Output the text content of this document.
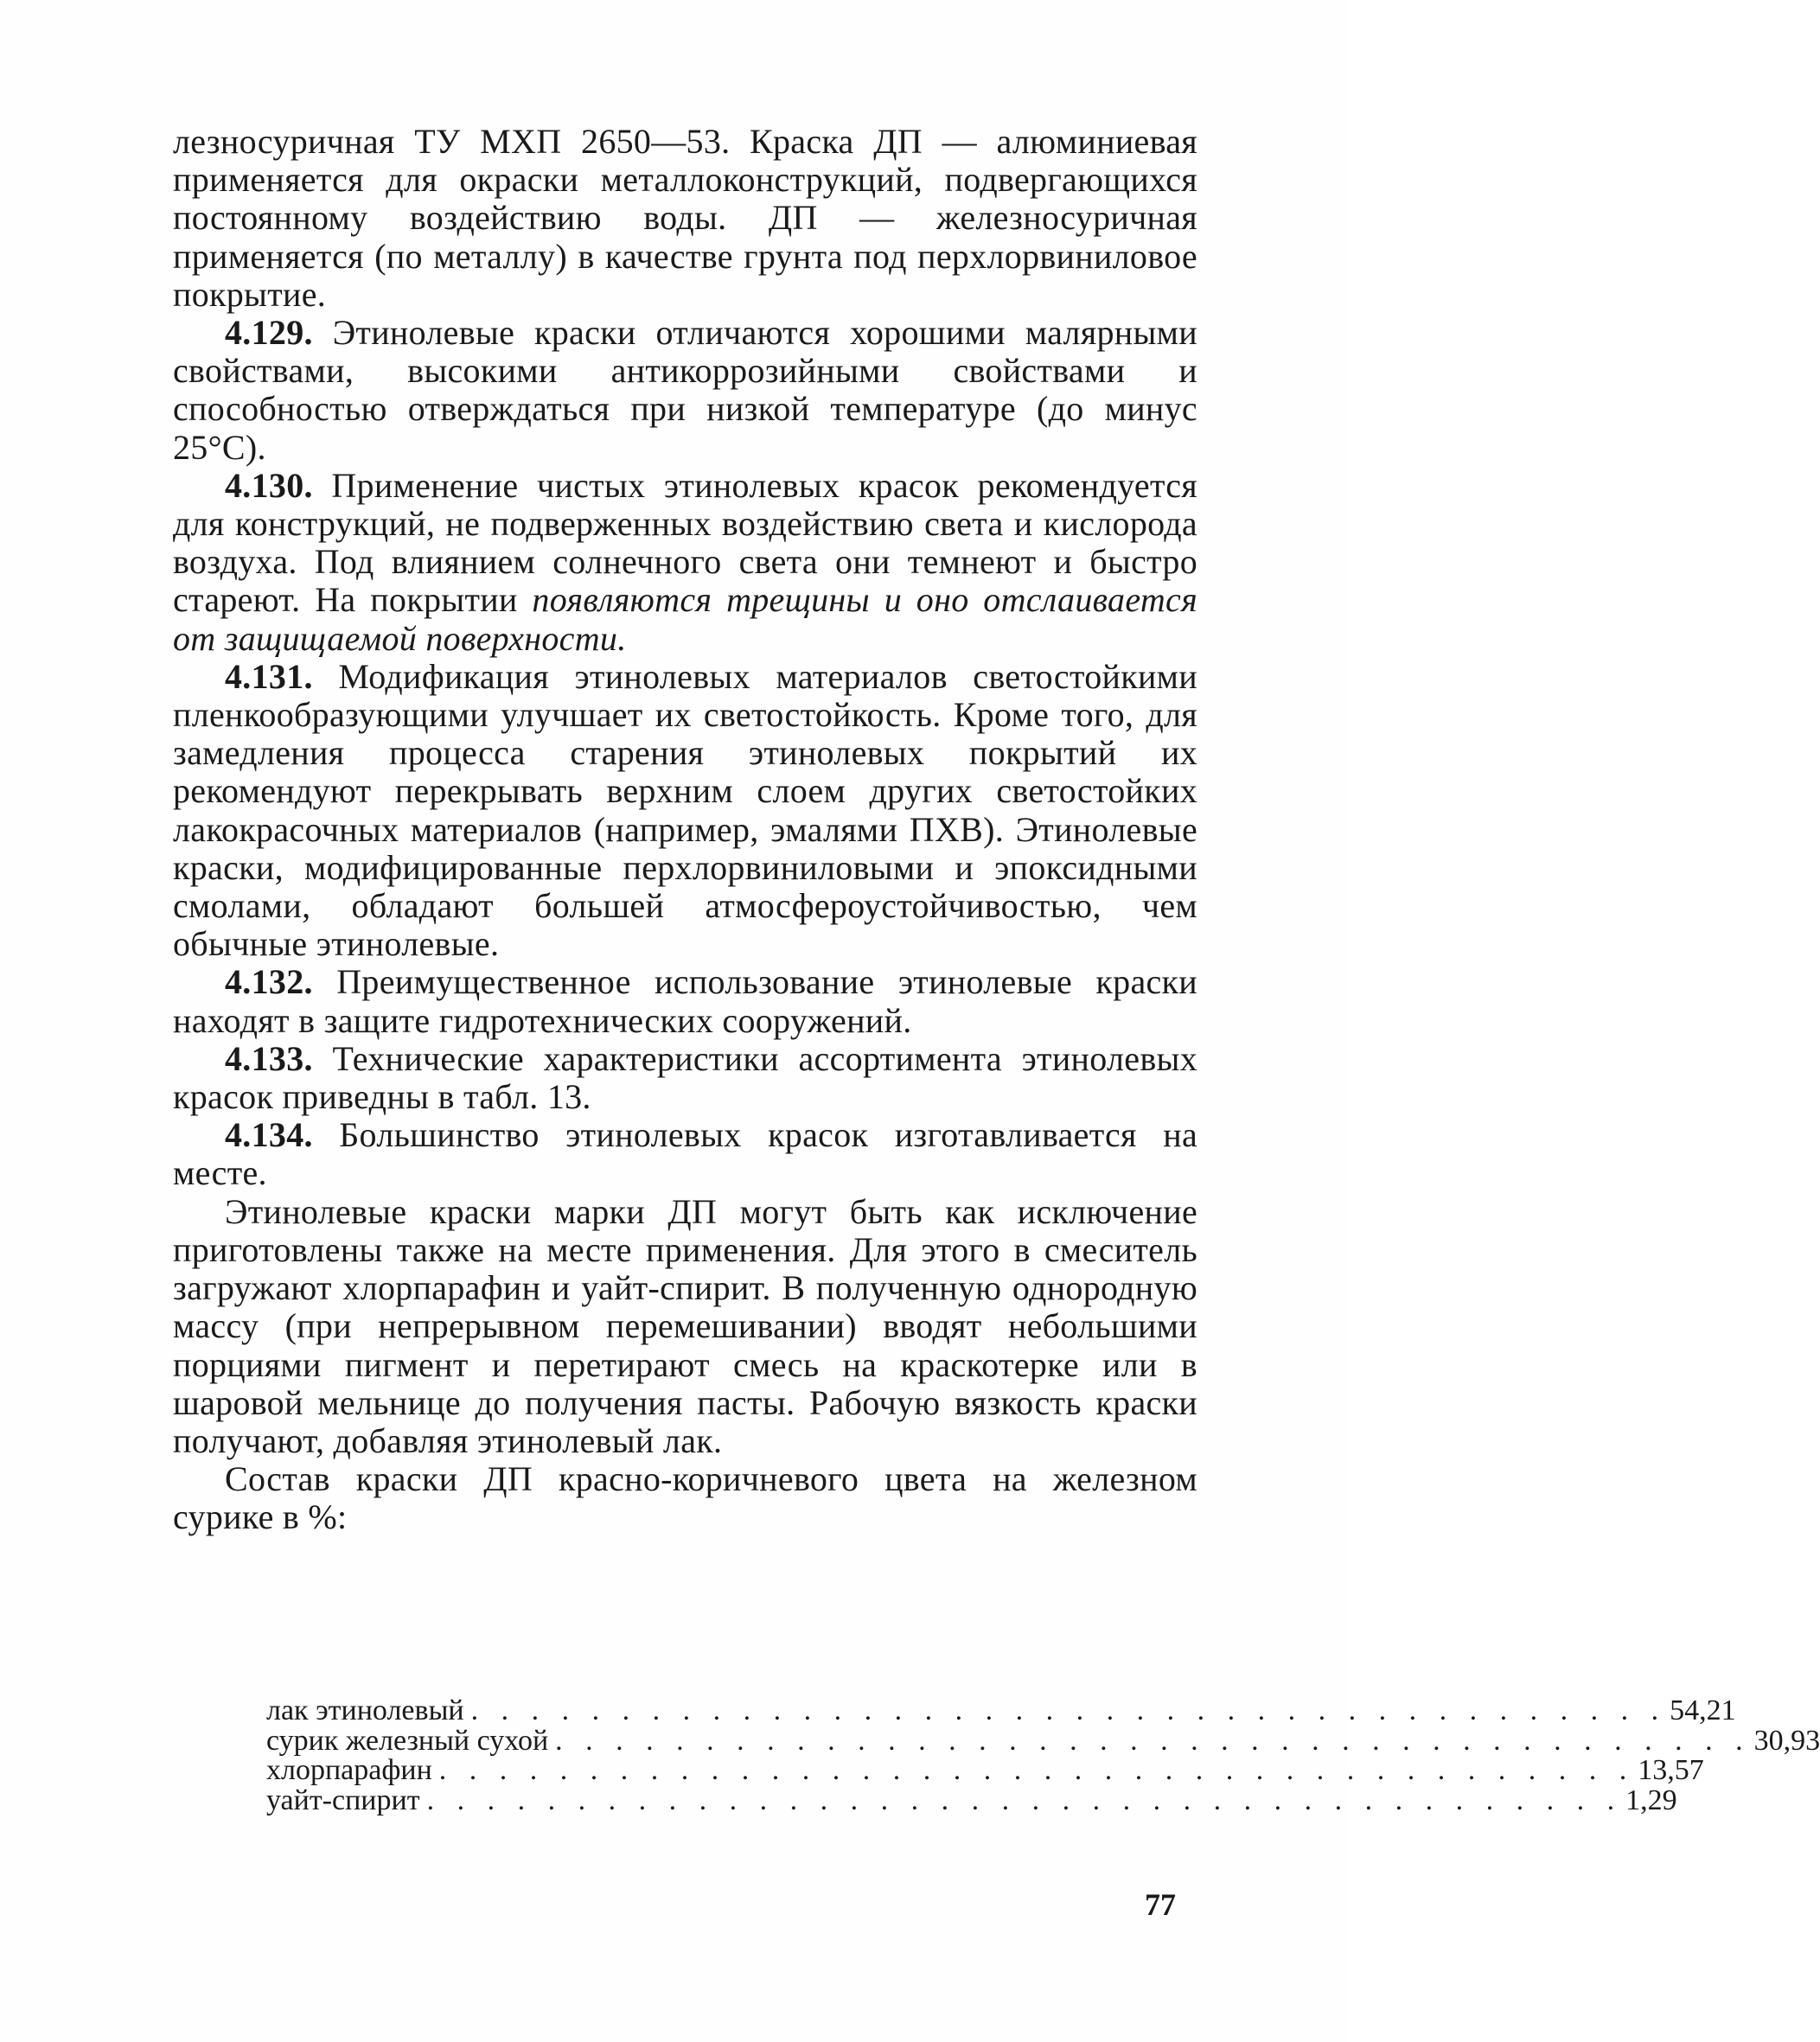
лезносуричная ТУ МХП 2650—53. Краска ДП — алюминиевая применяется для окраски металлоконструкций, подвергающихся постоянному воздействию воды. ДП — железносуричная применяется (по металлу) в качестве грунта под перхлорвиниловое покрытие.

4.129. Этинолевые краски отличаются хорошими малярными свойствами, высокими антикоррозийными свойствами и способностью отверждаться при низкой температуре (до минус 25°С).

4.130. Применение чистых этинолевых красок рекомендуется для конструкций, не подверженных воздействию света и кислорода воздуха. Под влиянием солнечного света они темнеют и быстро стареют. На покрытии появляются трещины и оно отслаивается от защищаемой поверхности.

4.131. Модификация этинолевых материалов светостойкими пленкообразующими улучшает их светостойкость. Кроме того, для замедления процесса старения этинолевых покрытий их рекомендуют перекрывать верхним слоем других светостойких лакокрасочных материалов (например, эмалями ПХВ). Этинолевые краски, модифицированные перхлорвиниловыми и эпоксидными смолами, обладают большей атмосфероустойчивостью, чем обычные этинолевые.

4.132. Преимущественное использование этинолевые краски находят в защите гидротехнических сооружений.

4.133. Технические характеристики ассортимента этинолевых красок приведны в табл. 13.

4.134. Большинство этинолевых красок изготавливается на месте.

Этинолевые краски марки ДП могут быть как исключение приготовлены также на месте применения. Для этого в смеситель загружают хлорпарафин и уайт-спирит. В полученную однородную массу (при непрерывном перемешивании) вводят небольшими порциями пигмент и перетирают смесь на краскотерке или в шаровой мельнице до получения пасты. Рабочую вязкость краски получают, добавляя этинолевый лак.

Состав краски ДП красно-коричневого цвета на железном сурике в %:

лак этинолевый . . . . . . . . . . . . . . . . . . . . . . . . . . . . . . . . . . . . . . . . 54,21
сурик железный сухой . . . . . . . . . . . . . . . . . . . . . . . . . . . . . . . . . . . . . . . . 30,93
хлорпарафин . . . . . . . . . . . . . . . . . . . . . . . . . . . . . . . . . . . . . . . . 13,57
уайт-спирит . . . . . . . . . . . . . . . . . . . . . . . . . . . . . . . . . . . . . . . . 1,29
77
